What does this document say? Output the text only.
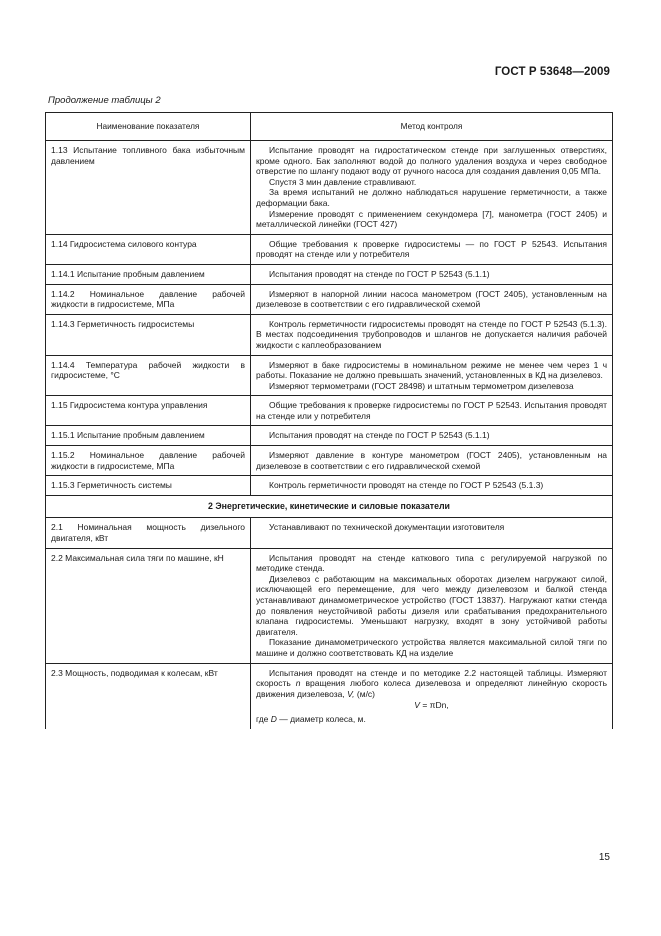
ГОСТ Р 53648—2009
Продолжение таблицы 2
Наименование показателя	Метод контроля
1.13 Испытание топливного бака избыточным давлением	Испытание проводят на гидростатическом стенде при заглушенных отверстиях, кроме одного. Бак заполняют водой до полного удаления воздуха и через свободное отверстие по шлангу подают воду от ручного насоса для создания давления 0,05 МПа.

Спустя 3 мин давление стравливают.

За время испытаний не должно наблюдаться нарушение герметичности, а также деформации бака.

Измерение проводят с применением секундомера [7], манометра (ГОСТ 2405) и металлической линейки (ГОСТ 427)

1.14 Гидросистема силового контура	Общие требования к проверке гидросистемы — по ГОСТ Р 52543. Испытания проводят на стенде или у потребителя

1.14.1 Испытание пробным давлением	Испытания проводят на стенде по ГОСТ Р 52543 (5.1.1)

1.14.2 Номинальное давление рабочей жидкости в гидросистеме, МПа	Измеряют в напорной линии насоса манометром (ГОСТ 2405), установленным на дизелевозе в соответствии с его гидравлической схемой

1.14.3 Герметичность гидросистемы	Контроль герметичности гидросистемы проводят на стенде по ГОСТ Р 52543 (5.1.3). В местах подсоединения трубопроводов и шлангов не допускается наличия рабочей жидкости с каплеобразованием

1.14.4 Температура рабочей жидкости в гидросистеме, °С	Измеряют в баке гидросистемы в номинальном режиме не менее чем через 1 ч работы. Показание не должно превышать значений, установленных в КД на дизелевоз.

Измеряют термометрами (ГОСТ 28498) и штатным термометром дизелевоза

1.15 Гидросистема контура управления	Общие требования к проверке гидросистемы по ГОСТ Р 52543. Испытания проводят на стенде или у потребителя

1.15.1 Испытание пробным давлением	Испытания проводят на стенде по ГОСТ Р 52543 (5.1.1)

1.15.2 Номинальное давление рабочей жидкости в гидросистеме, МПа	Измеряют давление в контуре манометром (ГОСТ 2405), установленным на дизелевозе в соответствии с его гидравлической схемой

1.15.3 Герметичность системы	Контроль герметичности проводят на стенде по ГОСТ Р 52543 (5.1.3)

2 Энергетические, кинетические и силовые показатели	
2.1 Номинальная мощность дизельного двигателя, кВт	Устанавливают по технической документации изготовителя

2.2 Максимальная сила тяги по машине, кН	Испытания проводят на стенде каткового типа с регулируемой нагрузкой по методике стенда.

Дизелевоз с работающим на максимальных оборотах дизелем нагружают силой, исключающей его перемещение, для чего между дизелевозом и балкой стенда устанавливают динамометрическое устройство (ГОСТ 13837). Нагружают катки стенда до появления неустойчивой работы дизеля или срабатывания предохранительного клапана гидросистемы. Уменьшают нагрузку, входят в зону устойчивой работы двигателя.

Показание динамометрического устройства является максимальной силой тяги по машине и должно соответствовать КД на изделие

2.3 Мощность, подводимая к колесам, кВт	Испытания проводят на стенде и по методике 2.2 настоящей таблицы. Измеряют скорость n вращения любого колеса дизелевоза и определяют линейную скорость движения дизелевоза, V, (м/с)

V = πDn,

где D — диаметр колеса, м.

15
